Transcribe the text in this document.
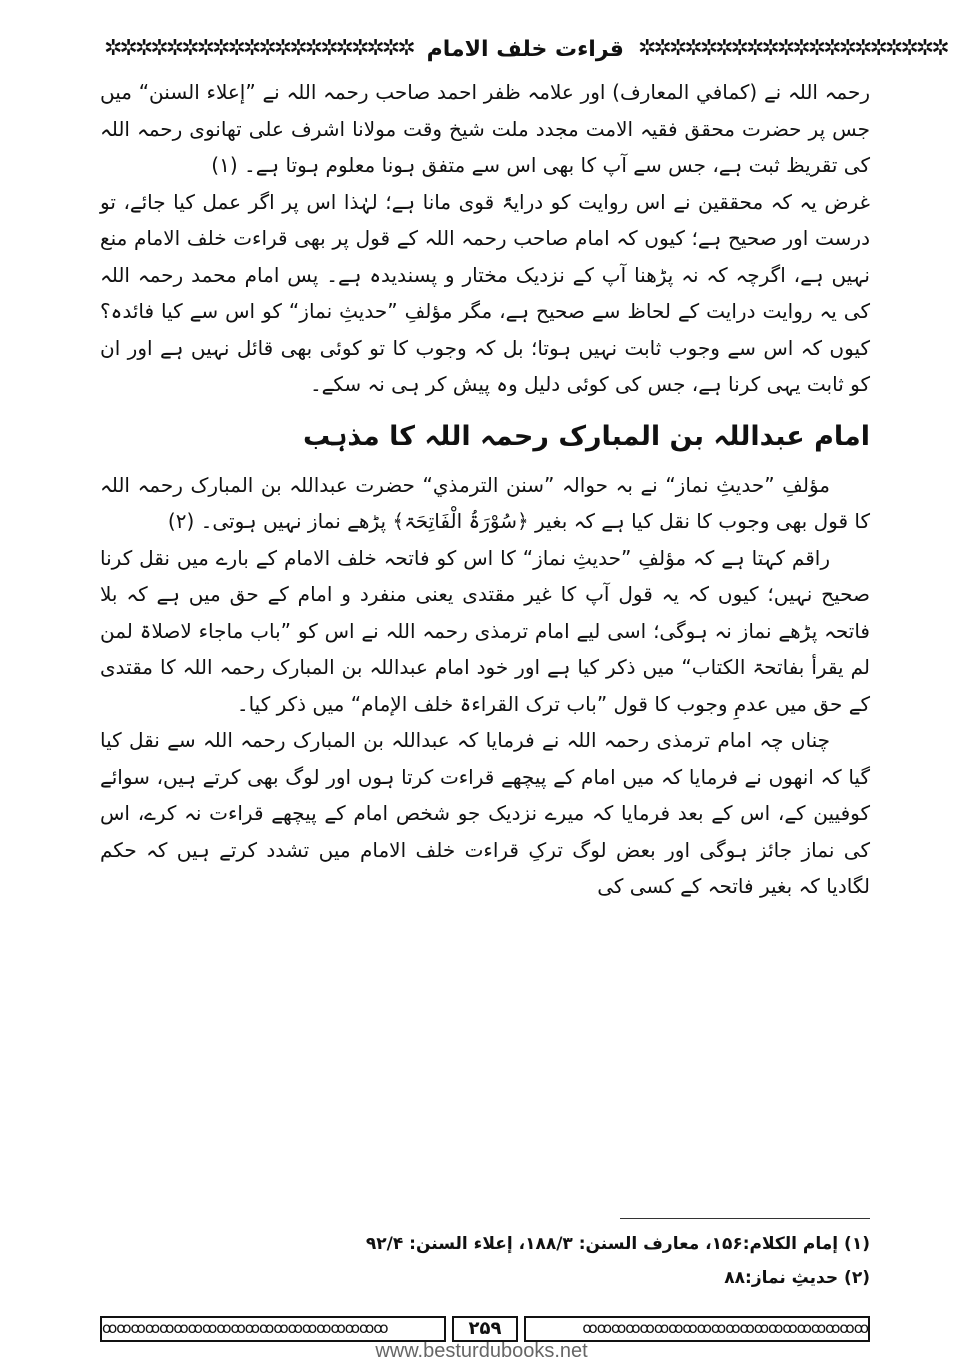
✲✲✲✲✲✲✲✲✲✲✲✲✲✲✲✲✲✲✲✲ قراءت خلف الامام ✲✲✲✲✲✲✲✲✲✲✲✲✲✲✲✲✲✲✲✲

رحمہ اللہ نے (کمافي المعارف) اور علامہ ظفر احمد صاحب رحمہ اللہ نے ”إعلاء السنن“ میں جس پر حضرت محقق فقیہ الامت مجدد ملت شیخ وقت مولانا اشرف علی تھانوی رحمہ اللہ کی تقریظ ثبت ہے، جس سے آپ کا بھی اس سے متفق ہونا معلوم ہوتا ہے۔ (۱)

غرض یہ کہ محققین نے اس روایت کو درایۃً قوی مانا ہے؛ لہٰذا اس پر اگر عمل کیا جائے، تو درست اور صحیح ہے؛ کیوں کہ امام صاحب رحمہ اللہ کے قول پر بھی قراءت خلف الامام منع نہیں ہے، اگرچہ کہ نہ پڑھنا آپ کے نزدیک مختار و پسندیدہ ہے۔ پس امام محمد رحمہ اللہ کی یہ روایت درایت کے لحاظ سے صحیح ہے، مگر مؤلفِ ”حدیثِ نماز“ کو اس سے کیا فائدہ؟ کیوں کہ اس سے وجوب ثابت نہیں ہوتا؛ بل کہ وجوب کا تو کوئی بھی قائل نہیں ہے اور ان کو ثابت یہی کرنا ہے، جس کی کوئی دلیل وہ پیش کر ہی نہ سکے۔

امام عبداللہ بن المبارک رحمہ اللہ کا مذہب

مؤلفِ ”حدیثِ نماز“ نے بہ حوالہ ”سنن الترمذي“ حضرت عبداللہ بن المبارک رحمہ اللہ کا قول بھی وجوب کا نقل کیا ہے کہ بغیر ﴿سُوْرَۃُ الْفَاتِحَۃ﴾ پڑھے نماز نہیں ہوتی۔ (۲)

راقم کہتا ہے کہ مؤلفِ ”حدیثِ نماز“ کا اس کو فاتحہ خلف الامام کے بارے میں نقل کرنا صحیح نہیں؛ کیوں کہ یہ قول آپ کا غیر مقتدی یعنی منفرد و امام کے حق میں ہے کہ بلا فاتحہ پڑھے نماز نہ ہوگی؛ اسی لیے امام ترمذی رحمہ اللہ نے اس کو ”باب ماجاء لاصلاۃ لمن لم یقرأ بفاتحۃ الکتاب“ میں ذکر کیا ہے اور خود امام عبداللہ بن المبارک رحمہ اللہ کا مقتدی کے حق میں عدمِ وجوب کا قول ”باب ترک القراءۃ خلف الإمام“ میں ذکر کیا۔

چناں چہ امام ترمذی رحمہ اللہ نے فرمایا کہ عبداللہ بن المبارک رحمہ اللہ سے نقل کیا گیا کہ انھوں نے فرمایا کہ میں امام کے پیچھے قراءت کرتا ہوں اور لوگ بھی کرتے ہیں، سوائے کوفیین کے، اس کے بعد فرمایا کہ میرے نزدیک جو شخص امام کے پیچھے قراءت نہ کرے، اس کی نماز جائز ہوگی اور بعض لوگ ترکِ قراءت خلف الامام میں تشدد کرتے ہیں کہ حکم لگادیا کہ بغیر فاتحہ کے کسی کی

(۱) إمام الکلام:۱۵۶، معارف السنن: ۱۸۸/۳، إعلاء السنن: ۹۲/۴

(۲) حدیثِ نماز:۸۸

ꝏꝏꝏꝏꝏꝏꝏꝏꝏꝏꝏꝏꝏꝏꝏꝏꝏꝏꝏꝏ	۲۵۹	ꝏꝏꝏꝏꝏꝏꝏꝏꝏꝏꝏꝏꝏꝏꝏꝏꝏꝏꝏꝏ
www.besturdubooks.net
